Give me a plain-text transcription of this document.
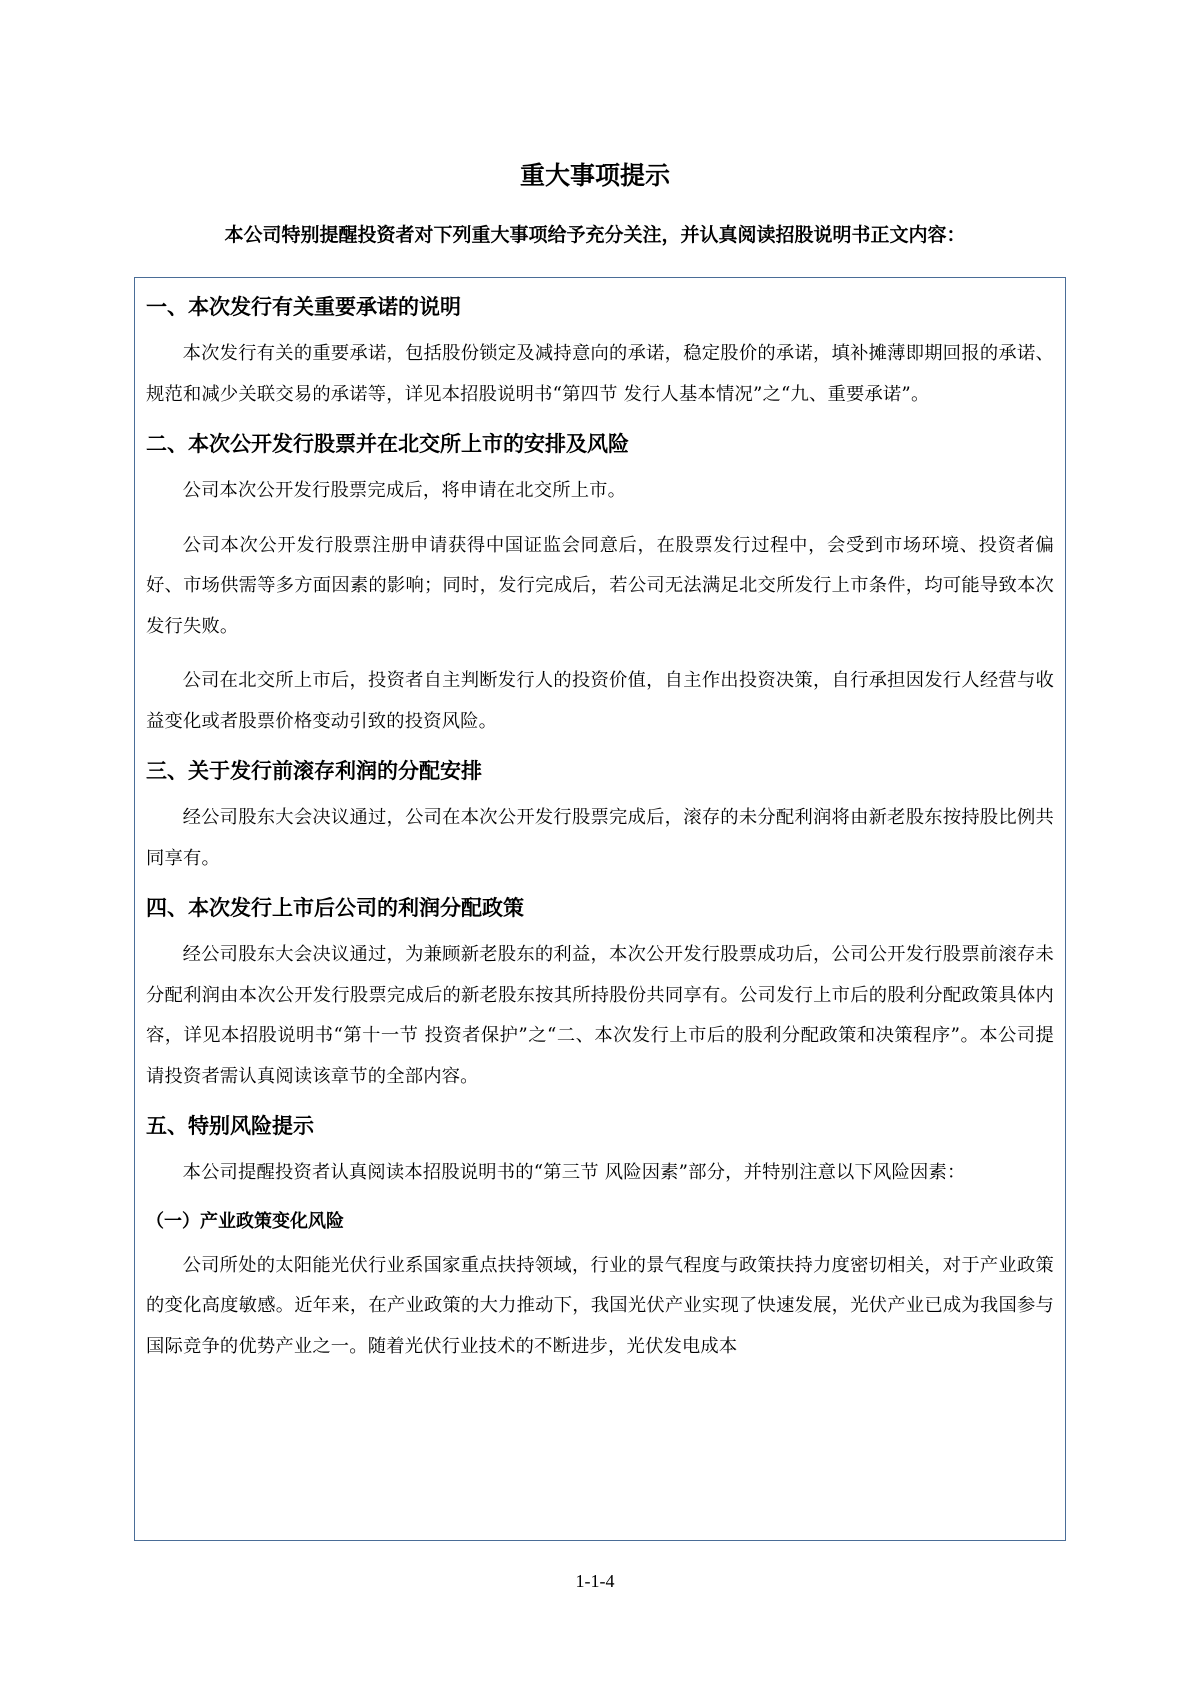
重大事项提示

本公司特别提醒投资者对下列重大事项给予充分关注，并认真阅读招股说明书正文内容：

一、本次发行有关重要承诺的说明

本次发行有关的重要承诺，包括股份锁定及减持意向的承诺，稳定股价的承诺，填补摊薄即期回报的承诺、规范和减少关联交易的承诺等，详见本招股说明书“第四节 发行人基本情况”之“九、重要承诺”。

二、本次公开发行股票并在北交所上市的安排及风险

公司本次公开发行股票完成后，将申请在北交所上市。

公司本次公开发行股票注册申请获得中国证监会同意后，在股票发行过程中，会受到市场环境、投资者偏好、市场供需等多方面因素的影响；同时，发行完成后，若公司无法满足北交所发行上市条件，均可能导致本次发行失败。

公司在北交所上市后，投资者自主判断发行人的投资价值，自主作出投资决策，自行承担因发行人经营与收益变化或者股票价格变动引致的投资风险。

三、关于发行前滚存利润的分配安排

经公司股东大会决议通过，公司在本次公开发行股票完成后，滚存的未分配利润将由新老股东按持股比例共同享有。

四、本次发行上市后公司的利润分配政策

经公司股东大会决议通过，为兼顾新老股东的利益，本次公开发行股票成功后，公司公开发行股票前滚存未分配利润由本次公开发行股票完成后的新老股东按其所持股份共同享有。公司发行上市后的股利分配政策具体内容，详见本招股说明书“第十一节 投资者保护”之“二、本次发行上市后的股利分配政策和决策程序”。本公司提请投资者需认真阅读该章节的全部内容。

五、特别风险提示

本公司提醒投资者认真阅读本招股说明书的“第三节 风险因素”部分，并特别注意以下风险因素：

（一）产业政策变化风险

公司所处的太阳能光伏行业系国家重点扶持领域，行业的景气程度与政策扶持力度密切相关，对于产业政策的变化高度敏感。近年来，在产业政策的大力推动下，我国光伏产业实现了快速发展，光伏产业已成为我国参与国际竞争的优势产业之一。随着光伏行业技术的不断进步，光伏发电成本

1-1-4
